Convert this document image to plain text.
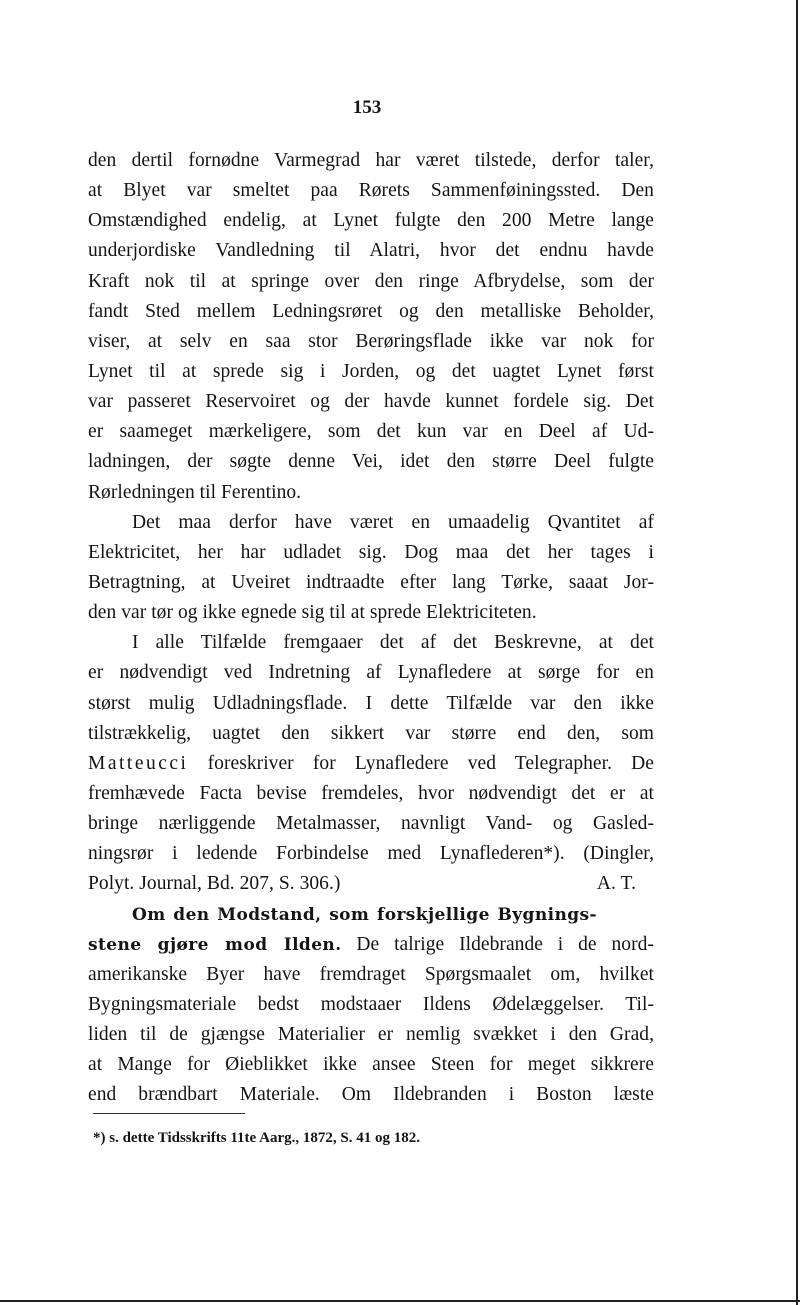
153
den dertil fornødne Varmegrad har været tilstede, derfor taler,
at Blyet var smeltet paa Rørets Sammenføiningssted. Den
Omstændighed endelig, at Lynet fulgte den 200 Metre lange
underjordiske Vandledning til Alatri, hvor det endnu havde
Kraft nok til at springe over den ringe Afbrydelse, som der
fandt Sted mellem Ledningsrøret og den metalliske Beholder,
viser, at selv en saa stor Berøringsflade ikke var nok for
Lynet til at sprede sig i Jorden, og det uagtet Lynet først
var passeret Reservoiret og der havde kunnet fordele sig. Det
er saameget mærkeligere, som det kun var en Deel af Ud-
ladningen, der søgte denne Vei, idet den større Deel fulgte
Rørledningen til Ferentino.
Det maa derfor have været en umaadelig Qvantitet af
Elektricitet, her har udladet sig. Dog maa det her tages i
Betragtning, at Uveiret indtraadte efter lang Tørke, saaat Jor-
den var tør og ikke egnede sig til at sprede Elektriciteten.
I alle Tilfælde fremgaaer det af det Beskrevne, at det
er nødvendigt ved Indretning af Lynafledere at sørge for en
størst mulig Udladningsflade. I dette Tilfælde var den ikke
tilstrækkelig, uagtet den sikkert var større end den, som
Matteucci foreskriver for Lynafledere ved Telegrapher. De
fremhævede Facta bevise fremdeles, hvor nødvendigt det er at
bringe nærliggende Metalmasser, navnligt Vand- og Gasled-
ningsrør i ledende Forbindelse med Lynaflederen*). (Dingler,
Polyt. Journal, Bd. 207, S. 306.)	A. T.
Om den Modstand, som forskjellige Bygnings-
stene gjøre mod Ilden. De talrige Ildebrande i de nord-
amerikanske Byer have fremdraget Spørgsmaalet om, hvilket
Bygningsmateriale bedst modstaaer Ildens Ødelæggelser. Til-
liden til de gjængse Materialier er nemlig svækket i den Grad,
at Mange for Øieblikket ikke ansee Steen for meget sikkrere
end brændbart Materiale. Om Ildebranden i Boston læste
*) s. dette Tidsskrifts 11te Aarg., 1872, S. 41 og 182.
